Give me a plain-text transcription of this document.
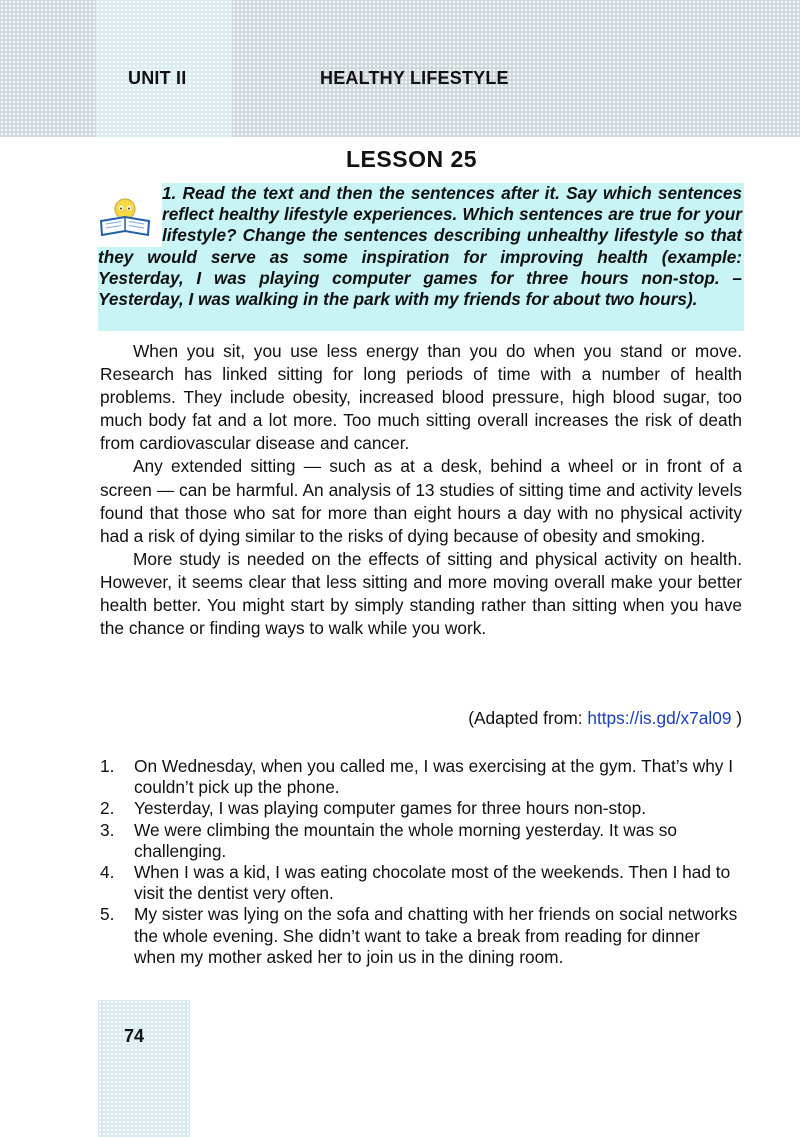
UNIT II	HEALTHY LIFESTYLE
LESSON 25
1. Read the text and then the sentences after it. Say which sentences reflect healthy lifestyle experiences. Which sentences are true for your lifestyle? Change the sentences describing unhealthy lifestyle so that they would serve as some inspiration for improving health (example: Yesterday, I was playing computer games for three hours non-stop. – Yesterday, I was walking in the park with my friends for about two hours).

When you sit, you use less energy than you do when you stand or move. Research has linked sitting for long periods of time with a number of health problems. They include obesity, increased blood pressure, high blood sugar, too much body fat and a lot more. Too much sitting overall increases the risk of death from cardiovascular disease and cancer.

Any extended sitting — such as at a desk, behind a wheel or in front of a screen — can be harmful. An analysis of 13 studies of sitting time and activity levels found that those who sat for more than eight hours a day with no physical activity had a risk of dying similar to the risks of dying because of obesity and smoking.

More study is needed on the effects of sitting and physical activity on health. However, it seems clear that less sitting and more moving overall make your better health better. You might start by simply standing rather than sitting when you have the chance or finding ways to walk while you work.

(Adapted from: https://is.gd/x7al09 )
1. On Wednesday, when you called me, I was exercising at the gym. That’s why I couldn’t pick up the phone.
2. Yesterday, I was playing computer games for three hours non-stop.
3. We were climbing the mountain the whole morning yesterday. It was so challenging.
4. When I was a kid, I was eating chocolate most of the weekends. Then I had to visit the dentist very often.
5. My sister was lying on the sofa and chatting with her friends on social networks the whole evening. She didn’t want to take a break from reading for dinner when my mother asked her to join us in the dining room.
74
